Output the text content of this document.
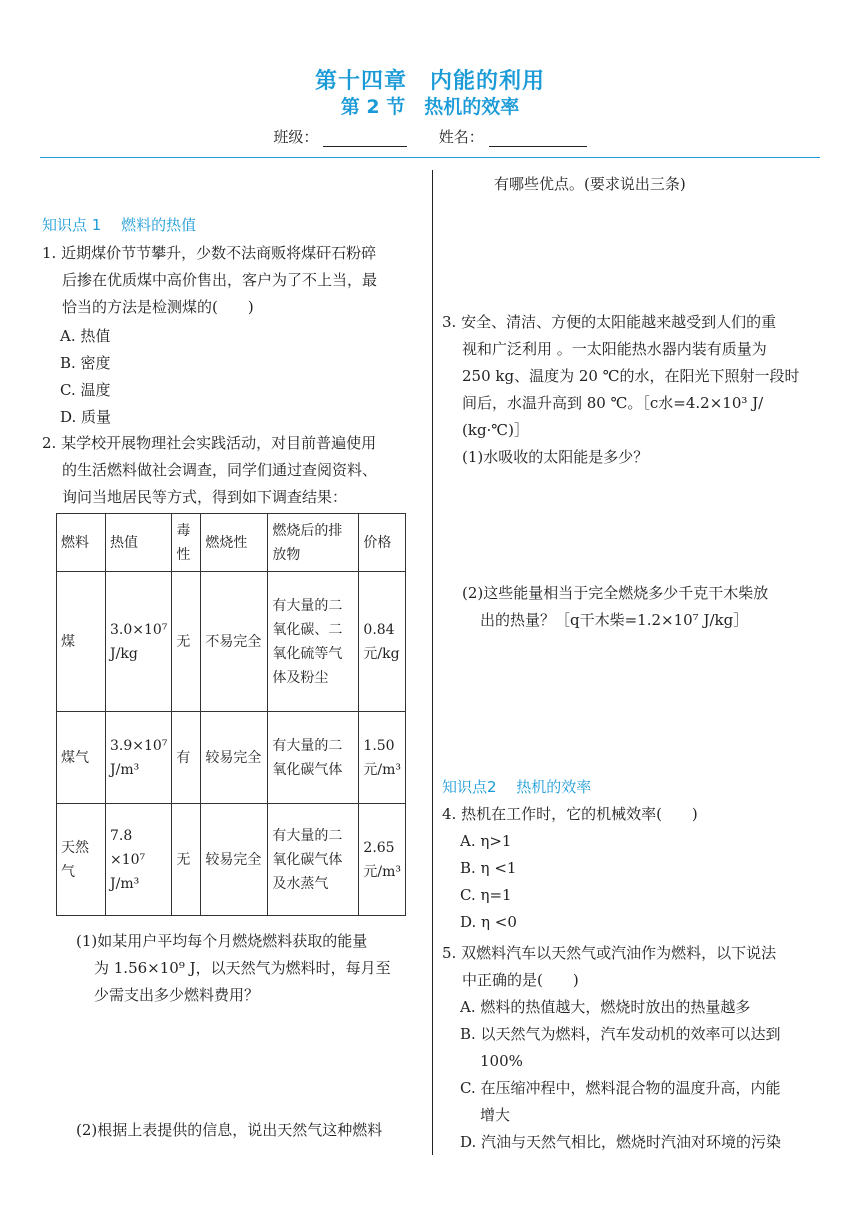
第十四章　内能的利用
第 2 节　热机的效率
班级：	姓名：
知识点 1　 燃料的热值
1. 近期煤价节节攀升，少数不法商贩将煤矸石粉碎
后掺在优质煤中高价售出，客户为了不上当，最
恰当的方法是检测煤的(　　)
A. 热值
B. 密度
C. 温度
D. 质量
2. 某学校开展物理社会实践活动，对目前普遍使用
的生活燃料做社会调查，同学们通过查阅资料、
询问当地居民等方式，得到如下调查结果：
燃料	热值	毒性	燃烧性	燃烧后的排放物	价格
煤	3.0×10⁷ J/kg	无	不易完全	有大量的二氧化碳、二氧化硫等气体及粉尘	0.84元/kg
煤气	3.9×10⁷ J/m³	有	较易完全	有大量的二氧化碳气体	1.50元/m³
天然气	7.8 ×10⁷ J/m³	无	较易完全	有大量的二氧化碳气体及水蒸气	2.65元/m³
(1)如某用户平均每个月燃烧燃料获取的能量
为 1.56×10⁹ J，以天然气为燃料时，每月至
少需支出多少燃料费用？
(2)根据上表提供的信息，说出天然气这种燃料
有哪些优点。(要求说出三条)
3. 安全、清洁、方便的太阳能越来越受到人们的重
视和广泛利用 。一太阳能热水器内装有质量为
250 kg、温度为 20 ℃的水，在阳光下照射一段时
间后，水温升高到 80 ℃。［c水=4.2×10³ J/
(kg·℃)］
(1)水吸收的太阳能是多少？
(2)这些能量相当于完全燃烧多少千克干木柴放
出的热量？［q干木柴=1.2×10⁷ J/kg］
知识点2　 热机的效率
4. 热机在工作时，它的机械效率(　　)
A. η>1
B. η <1
C. η=1
D. η <0
5. 双燃料汽车以天然气或汽油作为燃料，以下说法
中正确的是(　　)
A. 燃料的热值越大，燃烧时放出的热量越多
B. 以天然气为燃料，汽车发动机的效率可以达到
100%
C. 在压缩冲程中，燃料混合物的温度升高，内能
增大
D. 汽油与天然气相比，燃烧时汽油对环境的污染
